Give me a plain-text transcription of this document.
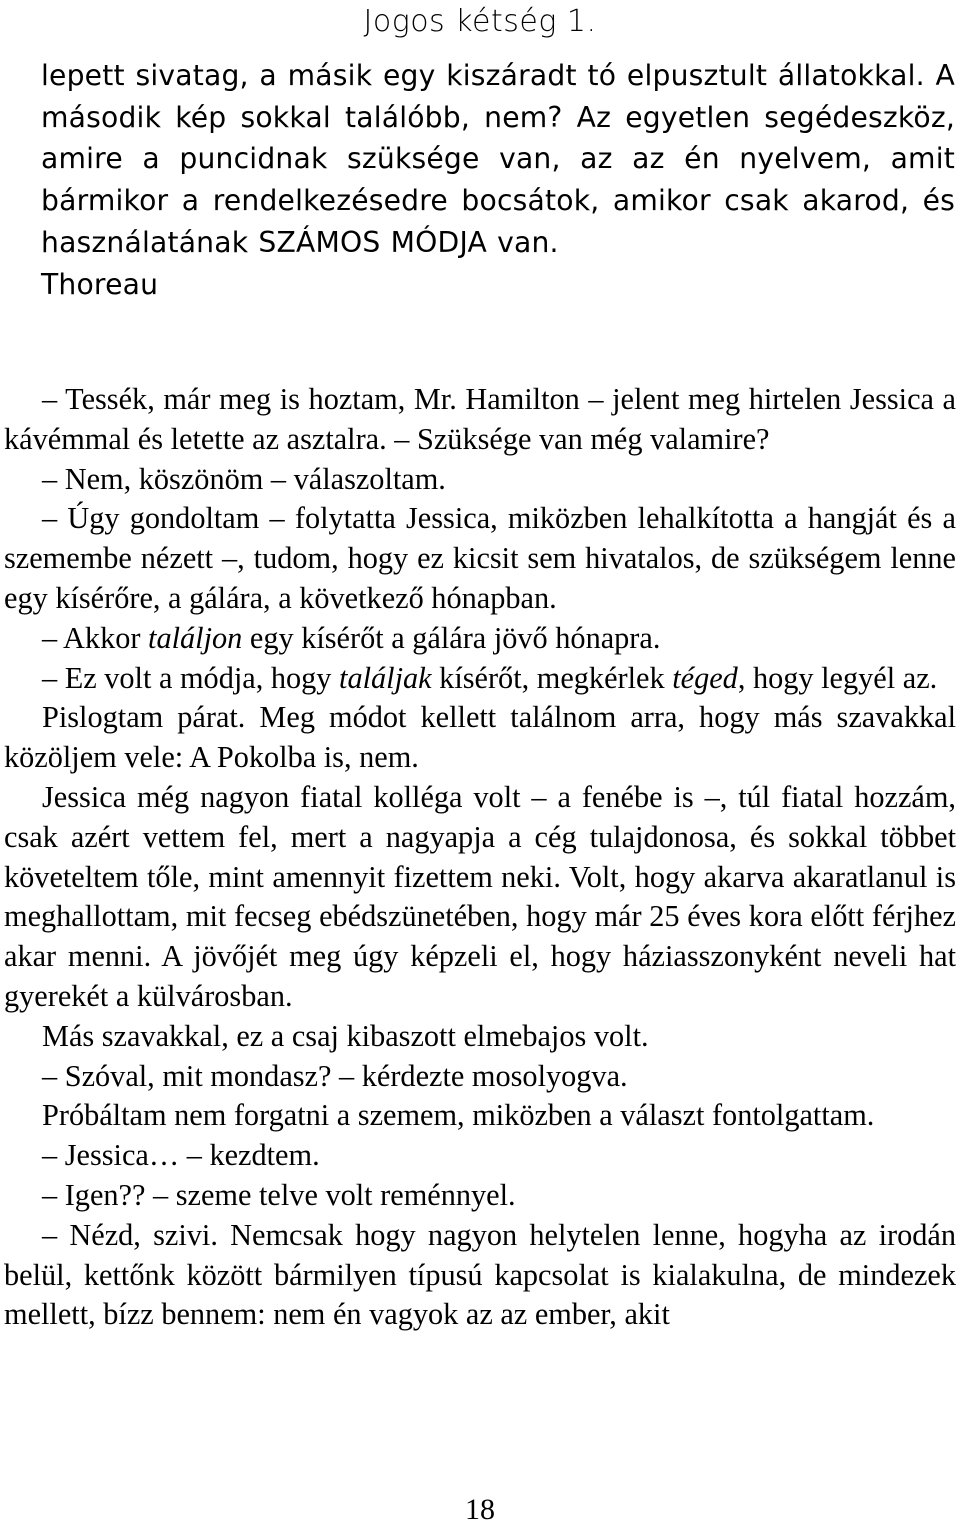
Jogos kétség 1.

lepett sivatag, a másik egy kiszáradt tó elpusztult állatokkal. A második kép sokkal találóbb, nem? Az egyetlen segédeszköz, amire a puncidnak szüksége van, az az én nyelvem, amit bármikor a rendelkezésedre bocsátok, amikor csak akarod, és használatának SZÁMOS MÓDJA van.

Thoreau

– Tessék, már meg is hoztam, Mr. Hamilton – jelent meg hirtelen Jessica a kávémmal és letette az asztalra. – Szüksége van még valamire?

– Nem, köszönöm – válaszoltam.

– Úgy gondoltam – folytatta Jessica, miközben lehalkította a hangját és a szemembe nézett –, tudom, hogy ez kicsit sem hivatalos, de szükségem lenne egy kísérőre, a gálára, a következő hónapban.

– Akkor találjon egy kísérőt a gálára jövő hónapra.

– Ez volt a módja, hogy találjak kísérőt, megkérlek téged, hogy legyél az.

Pislogtam párat. Meg módot kellett találnom arra, hogy más szavakkal közöljem vele: A Pokolba is, nem.

Jessica még nagyon fiatal kolléga volt – a fenébe is –, túl fiatal hozzám, csak azért vettem fel, mert a nagyapja a cég tulajdonosa, és sokkal többet követeltem tőle, mint amennyit fizettem neki. Volt, hogy akarva akaratlanul is meghallottam, mit fecseg ebédszünetében, hogy már 25 éves kora előtt férjhez akar menni. A jövőjét meg úgy képzeli el, hogy háziasszonyként neveli hat gyerekét a külvárosban.

Más szavakkal, ez a csaj kibaszott elmebajos volt.

– Szóval, mit mondasz? – kérdezte mosolyogva.

Próbáltam nem forgatni a szemem, miközben a választ fontolgattam.

– Jessica… – kezdtem.

– Igen?? – szeme telve volt reménnyel.

– Nézd, szivi. Nemcsak hogy nagyon helytelen lenne, hogyha az irodán belül, kettőnk között bármilyen típusú kapcsolat is kialakulna, de mindezek mellett, bízz bennem: nem én vagyok az az ember, akit

18
